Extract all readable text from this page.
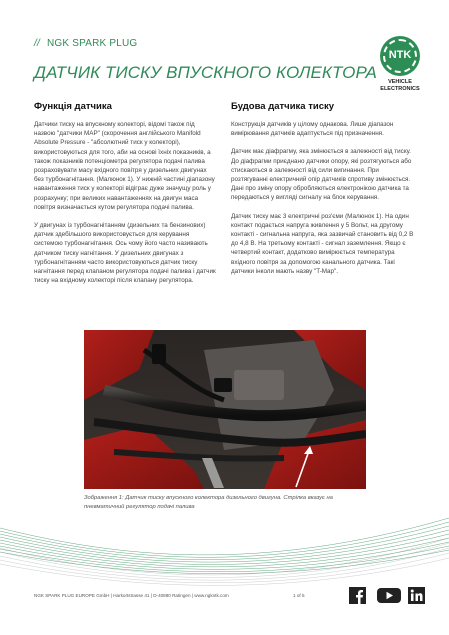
// NGK SPARK PLUG
ДАТЧИК ТИСКУ ВПУСКНОГО КОЛЕКТОРА
NTK
VEHICLE
ELECTRONICS
Функція датчика

Датчики тиску на впускному колекторі, відомі також під назвою "датчики MAP" (скорочення англійського Manifold Absolute Pressure - "абсолютний тиск у колекторі), використовуються для того, аби на основі їхніх показників, а також показників потенціометра регулятора подачі палива розраховувати масу вхідного повітря у дизельних двигунах без турбонагнітання. (Малюнок 1). У нижній частині діапазону навантаження тиск у колекторі відіграє дуже значущу роль у розрахунку; при великих навантаженнях на двигун маса повітря визначається кутом регулятора подачі палива.

У двигунах із турбонагнітанням (дизельних та бензинових) датчик здебільшого використовується для керування системою турбонагнітання. Ось чому його часто називають датчиком тиску нагнітання. У дизельних двигунах з турбонагнітанням часто використовуються датчик тиску нагнітання перед клапаном регулятора подачі палива і датчик тиску на вхідному колекторі після клапану регулятора.

Будова датчика тиску

Конструкція датчиків у цілому однакова. Лише діапазон вимірювання датчиків адаптується під призначення.

Датчик має діафрагму, яка змінюється в залежності від тиску. До діафрагми приєднано датчики опору, які розтягуються або стискаються в залежності від сили вигинання. При розтягуванні електричний опір датчиків спротиву змінюється. Дані про зміну опору обробляються електронікою датчика та передаються у вигляді сигналу на блок керування.

Датчик тиску має 3 електричні роз'єми (Малюнок 1). На один контакт подається напруга живлення у 5 Вольт, на другому контакті - сигнальна напруга, яка зазвичай становить від 0,2 В до 4,8 В. На третьому контакті - сигнал заземлення. Якщо є четвертий контакт, додатково вимірюється температура вхідного повітря за допомогою канального датчика. Такі датчики інколи мають назву "T-Map".

Зображення 1: Датчик тиску впускного колектора дизельного двигуна. Стрілка вказує на пневматичний регулятор подачі палива
NGK SPARK PLUG EUROPE GmbH | Harkortstrasse 41 | D-40880 Ratingen | www.ngkntk.com	1 of 5
